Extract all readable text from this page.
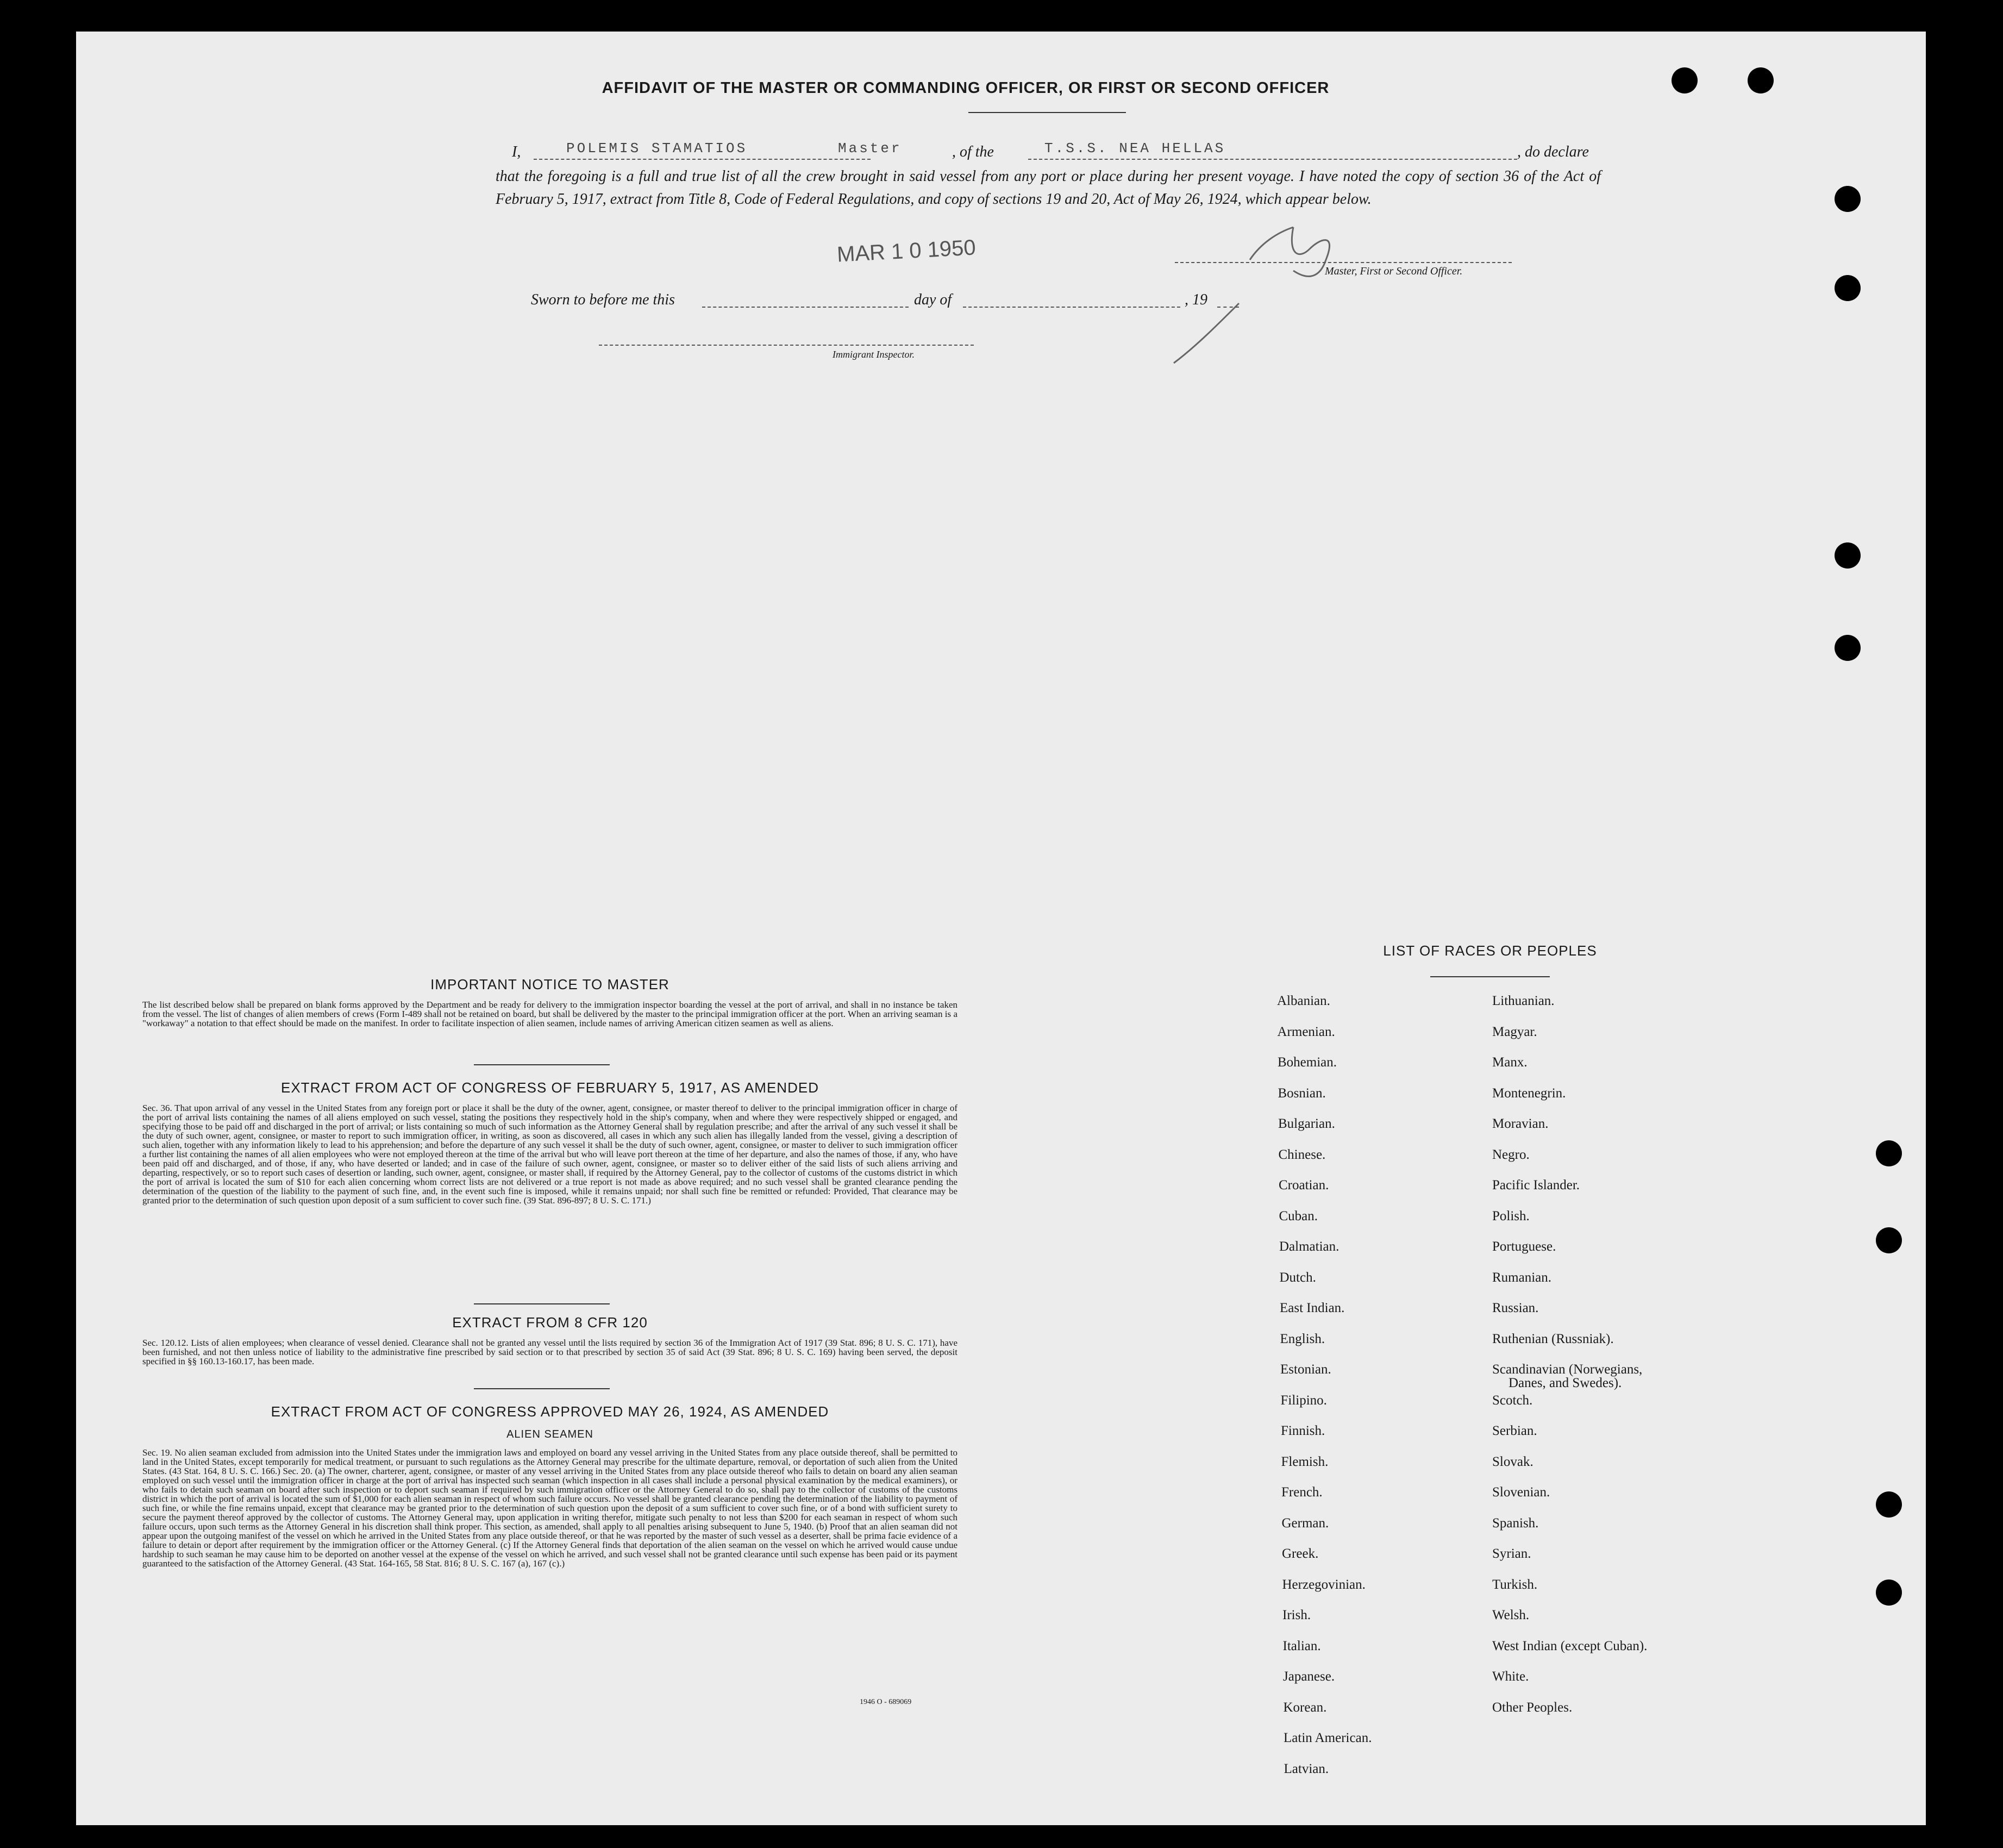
AFFIDAVIT OF THE MASTER OR COMMANDING OFFICER, OR FIRST OR SECOND OFFICER
I,	POLEMIS STAMATIOS	Master	, of the	T.S.S. NEA HELLAS	, do declare
that the foregoing is a full and true list of all the crew brought in said vessel from any port or place during her present voyage. I have noted the copy of section 36 of the Act of February 5, 1917, extract from Title 8, Code of Federal Regulations, and copy of sections 19 and 20, Act of May 26, 1924, which appear below.
MAR 1 0 1950
Master, First or Second Officer.
Sworn to before me this	day of	, 19
Immigrant Inspector.
IMPORTANT NOTICE TO MASTER
The list described below shall be prepared on blank forms approved by the Department and be ready for delivery to the immigration inspector boarding the vessel at the port of arrival, and shall in no instance be taken from the vessel. The list of changes of alien members of crews (Form I-489 shall not be retained on board, but shall be delivered by the master to the principal immigration officer at the port. When an arriving seaman is a "workaway" a notation to that effect should be made on the manifest. In order to facilitate inspection of alien seamen, include names of arriving American citizen seamen as well as aliens.
EXTRACT FROM ACT OF CONGRESS OF FEBRUARY 5, 1917, AS AMENDED
Sec. 36. That upon arrival of any vessel in the United States from any foreign port or place it shall be the duty of the owner, agent, consignee, or master thereof to deliver to the principal immigration officer in charge of the port of arrival lists containing the names of all aliens employed on such vessel, stating the positions they respectively hold in the ship's company, when and where they were respectively shipped or engaged, and specifying those to be paid off and discharged in the port of arrival; or lists containing so much of such information as the Attorney General shall by regulation prescribe; and after the arrival of any such vessel it shall be the duty of such owner, agent, consignee, or master to report to such immigration officer, in writing, as soon as discovered, all cases in which any such alien has illegally landed from the vessel, giving a description of such alien, together with any information likely to lead to his apprehension; and before the departure of any such vessel it shall be the duty of such owner, agent, consignee, or master to deliver to such immigration officer a further list containing the names of all alien employees who were not employed thereon at the time of the arrival but who will leave port thereon at the time of her departure, and also the names of those, if any, who have been paid off and discharged, and of those, if any, who have deserted or landed; and in case of the failure of such owner, agent, consignee, or master so to deliver either of the said lists of such aliens arriving and departing, respectively, or so to report such cases of desertion or landing, such owner, agent, consignee, or master shall, if required by the Attorney General, pay to the collector of customs of the customs district in which the port of arrival is located the sum of $10 for each alien concerning whom correct lists are not delivered or a true report is not made as above required; and no such vessel shall be granted clearance pending the determination of the question of the liability to the payment of such fine, and, in the event such fine is imposed, while it remains unpaid; nor shall such fine be remitted or refunded: Provided, That clearance may be granted prior to the determination of such question upon deposit of a sum sufficient to cover such fine. (39 Stat. 896-897; 8 U. S. C. 171.)
EXTRACT FROM 8 CFR 120
Sec. 120.12. Lists of alien employees; when clearance of vessel denied. Clearance shall not be granted any vessel until the lists required by section 36 of the Immigration Act of 1917 (39 Stat. 896; 8 U. S. C. 171), have been furnished, and not then unless notice of liability to the administrative fine prescribed by said section or to that prescribed by section 35 of said Act (39 Stat. 896; 8 U. S. C. 169) having been served, the deposit specified in §§ 160.13-160.17, has been made.
EXTRACT FROM ACT OF CONGRESS APPROVED MAY 26, 1924, AS AMENDED
ALIEN SEAMEN
Sec. 19. No alien seaman excluded from admission into the United States under the immigration laws and employed on board any vessel arriving in the United States from any place outside thereof, shall be permitted to land in the United States, except temporarily for medical treatment, or pursuant to such regulations as the Attorney General may prescribe for the ultimate departure, removal, or deportation of such alien from the United States. (43 Stat. 164, 8 U. S. C. 166.) Sec. 20. (a) The owner, charterer, agent, consignee, or master of any vessel arriving in the United States from any place outside thereof who fails to detain on board any alien seaman employed on such vessel until the immigration officer in charge at the port of arrival has inspected such seaman (which inspection in all cases shall include a personal physical examination by the medical examiners), or who fails to detain such seaman on board after such inspection or to deport such seaman if required by such immigration officer or the Attorney General to do so, shall pay to the collector of customs of the customs district in which the port of arrival is located the sum of $1,000 for each alien seaman in respect of whom such failure occurs. No vessel shall be granted clearance pending the determination of the liability to payment of such fine, or while the fine remains unpaid, except that clearance may be granted prior to the determination of such question upon the deposit of a sum sufficient to cover such fine, or of a bond with sufficient surety to secure the payment thereof approved by the collector of customs. The Attorney General may, upon application in writing therefor, mitigate such penalty to not less than $200 for each seaman in respect of whom such failure occurs, upon such terms as the Attorney General in his discretion shall think proper. This section, as amended, shall apply to all penalties arising subsequent to June 5, 1940. (b) Proof that an alien seaman did not appear upon the outgoing manifest of the vessel on which he arrived in the United States from any place outside thereof, or that he was reported by the master of such vessel as a deserter, shall be prima facie evidence of a failure to detain or deport after requirement by the immigration officer or the Attorney General. (c) If the Attorney General finds that deportation of the alien seaman on the vessel on which he arrived would cause undue hardship to such seaman he may cause him to be deported on another vessel at the expense of the vessel on which he arrived, and such vessel shall not be granted clearance until such expense has been paid or its payment guaranteed to the satisfaction of the Attorney General. (43 Stat. 164-165, 58 Stat. 816; 8 U. S. C. 167 (a), 167 (c).)
1946 O - 689069
LIST OF RACES OR PEOPLES
Albanian.
Armenian.
Bohemian.
Bosnian.
Bulgarian.
Chinese.
Croatian.
Cuban.
Dalmatian.
Dutch.
East Indian.
English.
Estonian.
Filipino.
Finnish.
Flemish.
French.
German.
Greek.
Herzegovinian.
Irish.
Italian.
Japanese.
Korean.
Latin American.
Latvian.
Lithuanian.
Magyar.
Manx.
Montenegrin.
Moravian.
Negro.
Pacific Islander.
Polish.
Portuguese.
Rumanian.
Russian.
Ruthenian (Russniak).
Scandinavian (Norwegians,
Danes, and Swedes).
Scotch.
Serbian.
Slovak.
Slovenian.
Spanish.
Syrian.
Turkish.
Welsh.
West Indian (except Cuban).
White.
Other Peoples.
